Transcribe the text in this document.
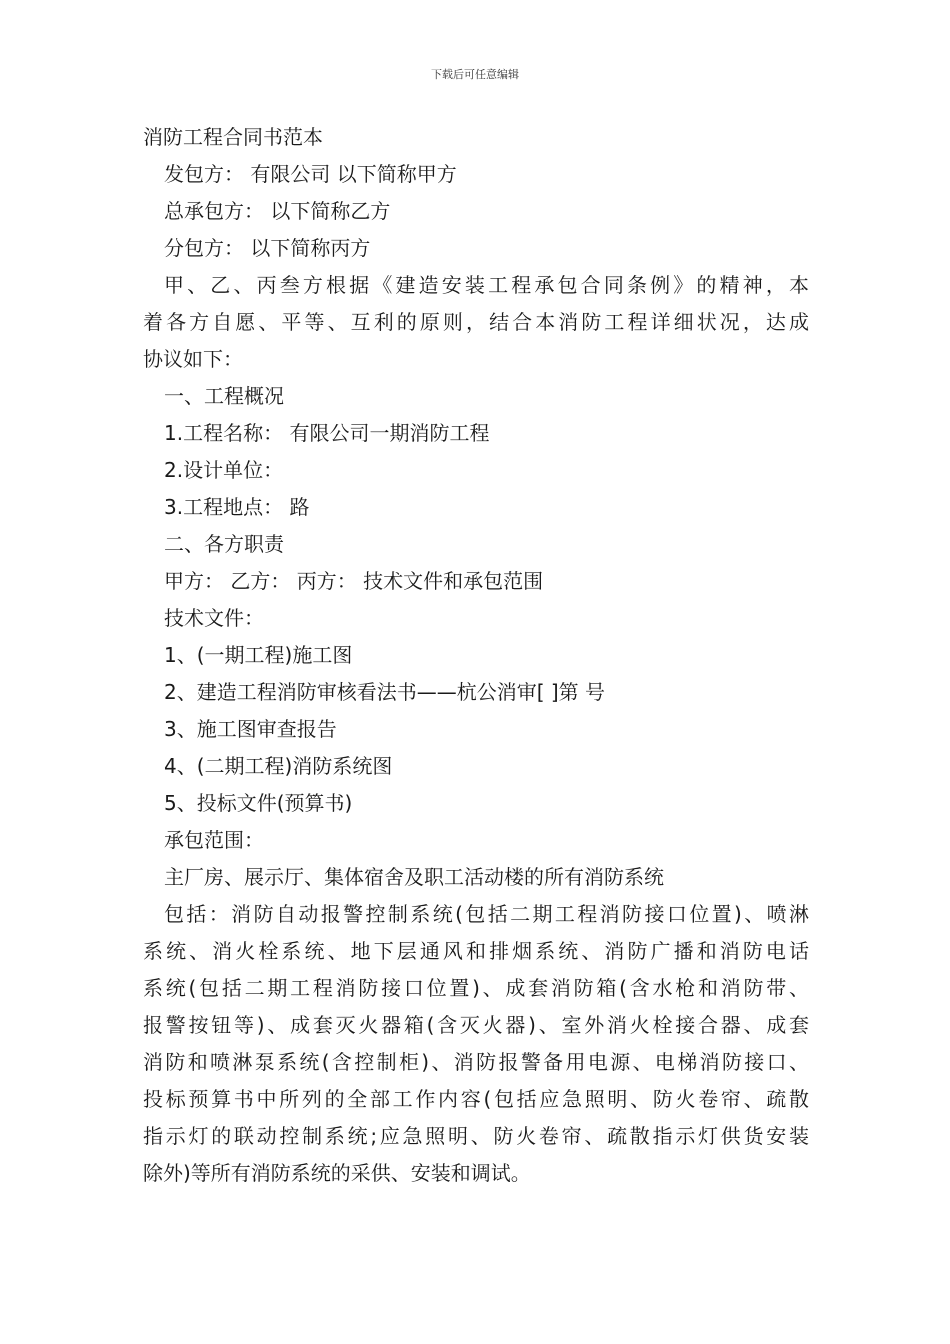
下载后可任意编辑
消防工程合同书范本
发包方： 有限公司 以下简称甲方
总承包方： 以下简称乙方
分包方： 以下简称丙方
甲、乙、丙叁方根据《建造安装工程承包合同条例》的精神，本
着各方自愿、平等、互利的原则，结合本消防工程详细状况，达成
协议如下：
一、工程概况
1.工程名称： 有限公司一期消防工程
2.设计单位：
3.工程地点： 路
二、各方职责
甲方： 乙方： 丙方： 技术文件和承包范围
技术文件：
1、(一期工程)施工图
2、建造工程消防审核看法书——杭公消审[ ]第 号
3、施工图审查报告
4、(二期工程)消防系统图
5、投标文件(预算书)
承包范围：
主厂房、展示厅、集体宿舍及职工活动楼的所有消防系统
包括：消防自动报警控制系统(包括二期工程消防接口位置)、喷淋
系统、消火栓系统、地下层通风和排烟系统、消防广播和消防电话
系统(包括二期工程消防接口位置)、成套消防箱(含水枪和消防带、
报警按钮等)、成套灭火器箱(含灭火器)、室外消火栓接合器、成套
消防和喷淋泵系统(含控制柜)、消防报警备用电源、电梯消防接口、
投标预算书中所列的全部工作内容(包括应急照明、防火卷帘、疏散
指示灯的联动控制系统;应急照明、防火卷帘、疏散指示灯供货安装
除外)等所有消防系统的采供、安装和调试。
